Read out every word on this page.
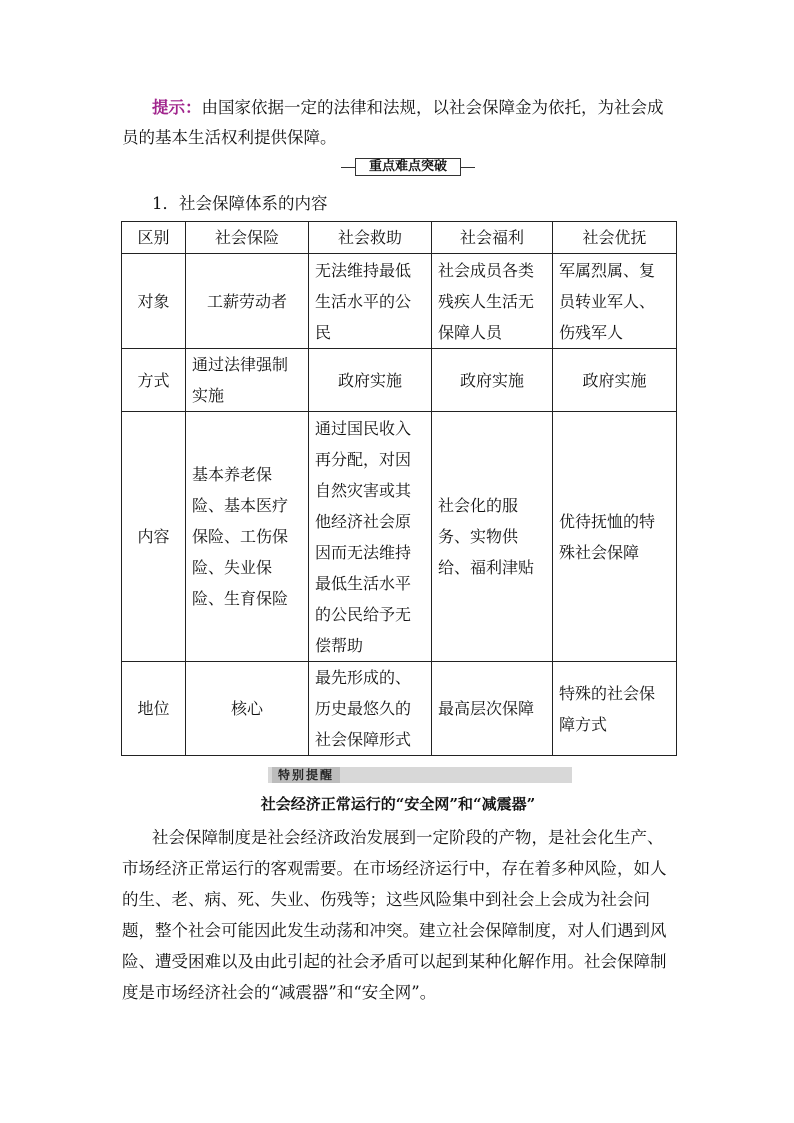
提示：由国家依据一定的法律和法规，以社会保障金为依托，为社会成员的基本生活权利提供保障。
重点难点突破
1．社会保障体系的内容
区别	社会保险	社会救助	社会福利	社会优抚
对象	工薪劳动者	无法维持最低生活水平的公民	社会成员各类残疾人生活无保障人员	军属烈属、复员转业军人、伤残军人
方式	通过法律强制实施	政府实施	政府实施	政府实施
内容	基本养老保险、基本医疗保险、工伤保险、失业保险、生育保险	通过国民收入再分配，对因自然灾害或其他经济社会原因而无法维持最低生活水平的公民给予无偿帮助	社会化的服务、实物供给、福利津贴	优待抚恤的特殊社会保障
地位	核心	最先形成的、历史最悠久的社会保障形式	最高层次保障	特殊的社会保障方式
特别提醒
社会经济正常运行的“安全网”和“减震器”
社会保障制度是社会经济政治发展到一定阶段的产物，是社会化生产、市场经济正常运行的客观需要。在市场经济运行中，存在着多种风险，如人的生、老、病、死、失业、伤残等；这些风险集中到社会上会成为社会问题，整个社会可能因此发生动荡和冲突。建立社会保障制度，对人们遇到风险、遭受困难以及由此引起的社会矛盾可以起到某种化解作用。社会保障制度是市场经济社会的“减震器”和“安全网”。
